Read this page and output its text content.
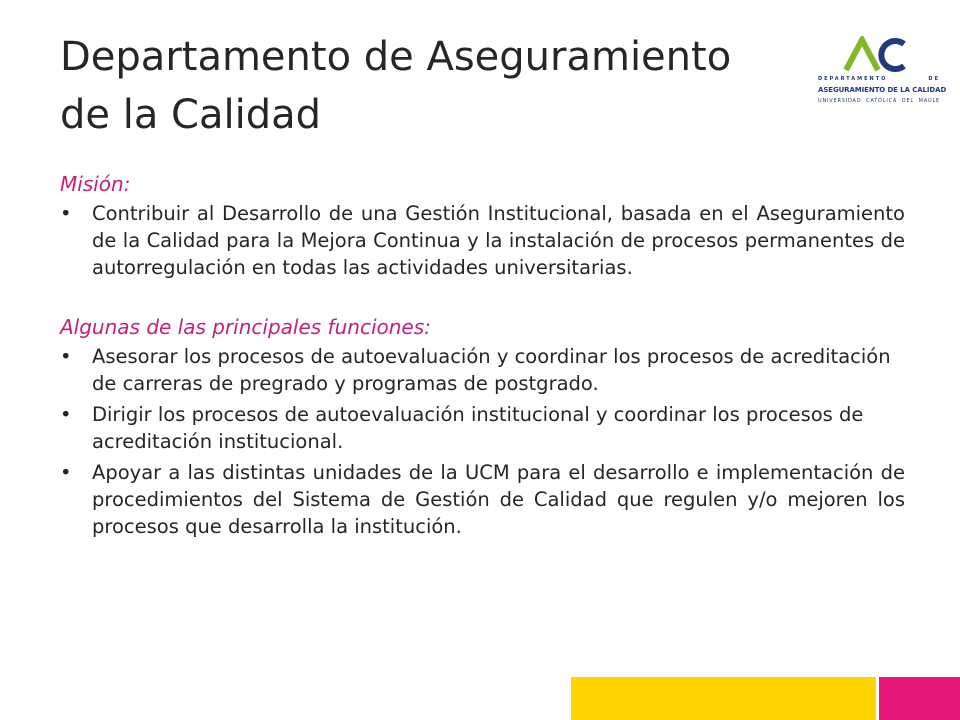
Departamento de Aseguramiento
de la Calidad
DEPARTAMENTO DE
ASEGURAMIENTO DE LA CALIDAD
UNIVERSIDAD CATÓLICA DEL MAULE

Misión:

• Contribuir al Desarrollo de una Gestión Institucional, basada en el Aseguramiento de la Calidad para la Mejora Continua y la instalación de procesos permanentes de autorregulación en todas las actividades universitarias.

Algunas de las principales funciones:

• Asesorar los procesos de autoevaluación y coordinar los procesos de acreditación de carreras de pregrado y programas de postgrado.
• Dirigir los procesos de autoevaluación institucional y coordinar los procesos de acreditación institucional.
• Apoyar a las distintas unidades de la UCM para el desarrollo e implementación de procedimientos del Sistema de Gestión de Calidad que regulen y/o mejoren los procesos que desarrolla la institución.
